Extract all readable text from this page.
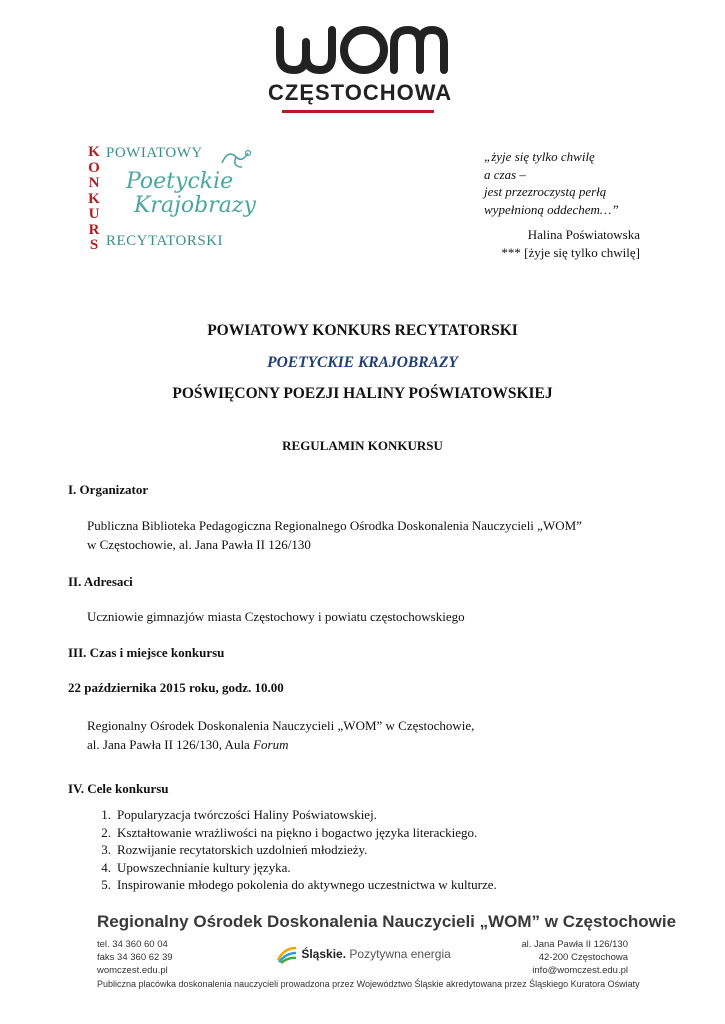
CZĘSTOCHOWA
K
O
N
K
U
R
S
POWIATOWY
Poetyckie
Krajobrazy
RECYTATORSKI
„żyje się tylko chwilę
a czas –
jest przezroczystą perłą
wypełnioną oddechem…”
Halina Poświatowska
*** [żyje się tylko chwilę]
POWIATOWY KONKURS RECYTATORSKI
POETYCKIE KRAJOBRAZY
POŚWIĘCONY POEZJI HALINY POŚWIATOWSKIEJ
REGULAMIN KONKURSU
I. Organizator
Publiczna Biblioteka Pedagogiczna Regionalnego Ośrodka Doskonalenia Nauczycieli „WOM”
w Częstochowie, al. Jana Pawła II 126/130
II. Adresaci
Uczniowie gimnazjów miasta Częstochowy i powiatu częstochowskiego
III. Czas i miejsce konkursu
22 października 2015 roku, godz. 10.00
Regionalny Ośrodek Doskonalenia Nauczycieli „WOM” w Częstochowie,
al. Jana Pawła II 126/130, Aula Forum
IV. Cele konkursu
1. Popularyzacja twórczości Haliny Poświatowskiej.
2. Kształtowanie wrażliwości na piękno i bogactwo języka literackiego.
3. Rozwijanie recytatorskich uzdolnień młodzieży.
4. Upowszechnianie kultury języka.
5. Inspirowanie młodego pokolenia do aktywnego uczestnictwa w kulturze.
Regionalny Ośrodek Doskonalenia Nauczycieli „WOM” w Częstochowie
tel. 34 360 60 04
faks 34 360 62 39
womczest.edu.pl
Śląskie. Pozytywna energia
al. Jana Pawła II 126/130
42-200 Częstochowa
info@womczest.edu.pl
Publiczna placówka doskonalenia nauczycieli prowadzona przez Województwo Śląskie akredytowana przez Śląskiego Kuratora Oświaty
